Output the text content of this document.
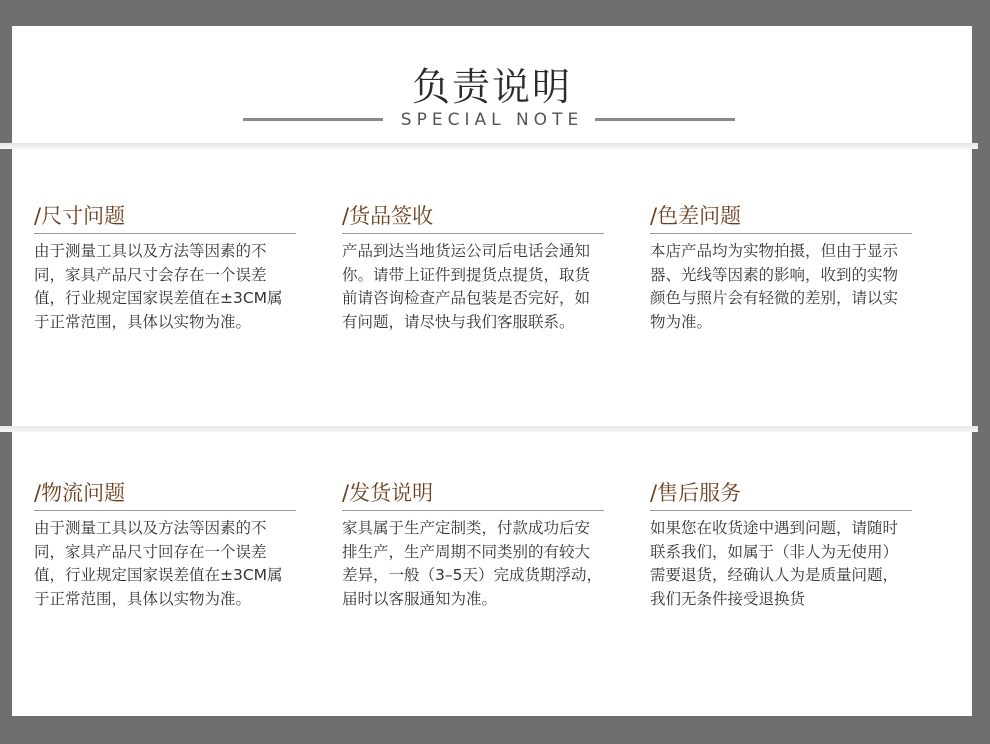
负责说明
SPECIAL NOTE
/尺寸问题

由于测量工具以及方法等因素的不同，家具产品尺寸会存在一个误差值，行业规定国家误差值在±3CM属于正常范围，具体以实物为准。

/货品签收

产品到达当地货运公司后电话会通知你。请带上证件到提货点提货，取货前请咨询检查产品包装是否完好，如有问题，请尽快与我们客服联系。

/色差问题

本店产品均为实物拍摄，但由于显示器、光线等因素的影响，收到的实物颜色与照片会有轻微的差别，请以实物为准。

/物流问题

由于测量工具以及方法等因素的不同，家具产品尺寸回存在一个误差值，行业规定国家误差值在±3CM属于正常范围，具体以实物为准。

/发货说明

家具属于生产定制类，付款成功后安排生产，生产周期不同类别的有较大差异，一般（3–5天）完成货期浮动，届时以客服通知为准。

/售后服务

如果您在收货途中遇到问题，请随时联系我们，如属于（非人为无使用）需要退货，经确认人为是质量问题，我们无条件接受退换货
